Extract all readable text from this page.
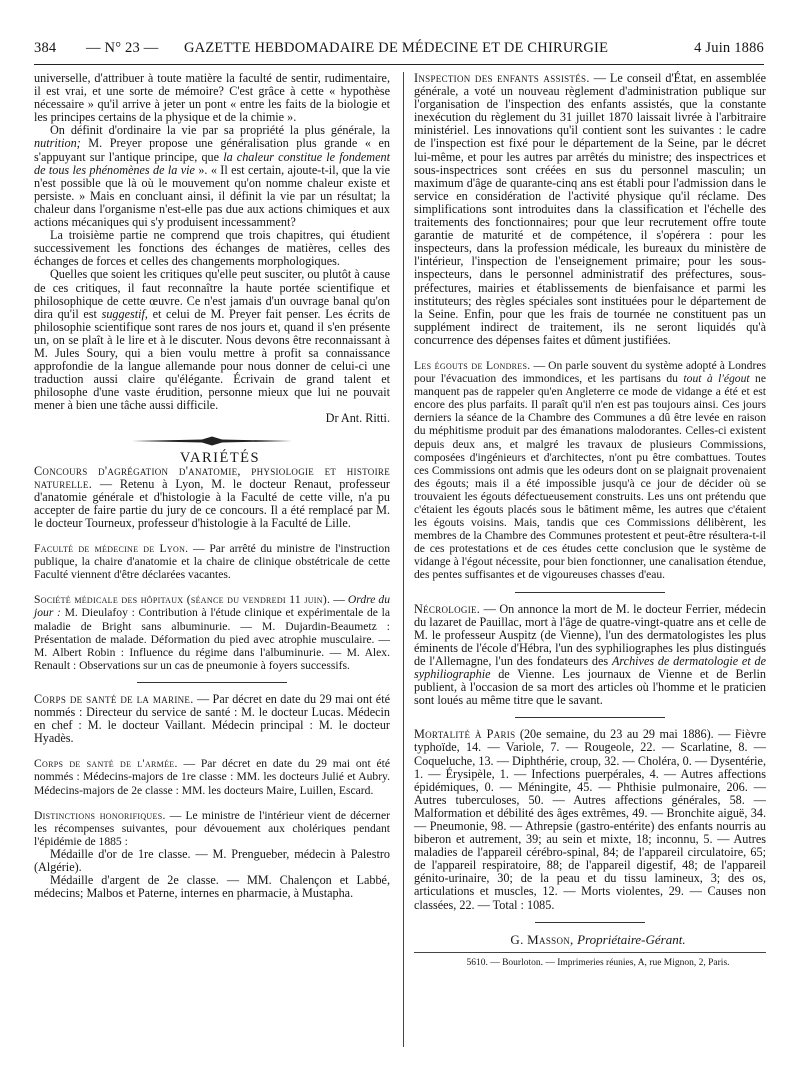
384 — N° 23 — GAZETTE HEBDOMADAIRE DE MÉDECINE ET DE CHIRURGIE	4 Juin 1886

universelle, d'attribuer à toute matière la faculté de sentir, rudimentaire, il est vrai, et une sorte de mémoire? C'est grâce à cette « hypothèse nécessaire » qu'il arrive à jeter un pont « entre les faits de la biologie et les principes certains de la physique et de la chimie ».

On définit d'ordinaire la vie par sa propriété la plus générale, la nutrition; M. Preyer propose une généralisation plus grande « en s'appuyant sur l'antique principe, que la chaleur constitue le fondement de tous les phénomènes de la vie ». « Il est certain, ajoute-t-il, que la vie n'est possible que là où le mouvement qu'on nomme chaleur existe et persiste. » Mais en concluant ainsi, il définit la vie par un résultat; la chaleur dans l'organisme n'est-elle pas due aux actions chimiques et aux actions mécaniques qui s'y produisent incessamment?

La troisième partie ne comprend que trois chapitres, qui étudient successivement les fonctions des échanges de matières, celles des échanges de forces et celles des changements morphologiques.

Quelles que soient les critiques qu'elle peut susciter, ou plutôt à cause de ces critiques, il faut reconnaître la haute portée scientifique et philosophique de cette œuvre. Ce n'est jamais d'un ouvrage banal qu'on dira qu'il est suggestif, et celui de M. Preyer fait penser. Les écrits de philosophie scientifique sont rares de nos jours et, quand il s'en présente un, on se plaît à le lire et à le discuter. Nous devons être reconnaissant à M. Jules Soury, qui a bien voulu mettre à profit sa connaissance approfondie de la langue allemande pour nous donner de celui-ci une traduction aussi claire qu'élégante. Écrivain de grand talent et philosophe d'une vaste érudition, personne mieux que lui ne pouvait mener à bien une tâche aussi difficile.

Dr Ant. Ritti.

VARIÉTÉS

Concours d'agrégation d'anatomie, physiologie et histoire naturelle. — Retenu à Lyon, M. le docteur Renaut, professeur d'anatomie générale et d'histologie à la Faculté de cette ville, n'a pu accepter de faire partie du jury de ce concours. Il a été remplacé par M. le docteur Tourneux, professeur d'histologie à la Faculté de Lille.

Faculté de médecine de Lyon. — Par arrêté du ministre de l'instruction publique, la chaire d'anatomie et la chaire de clinique obstétricale de cette Faculté viennent d'être déclarées vacantes.

Société médicale des hôpitaux (séance du vendredi 11 juin). — Ordre du jour : M. Dieulafoy : Contribution à l'étude clinique et expérimentale de la maladie de Bright sans albuminurie. — M. Dujardin-Beaumetz : Présentation de malade. Déformation du pied avec atrophie musculaire. — M. Albert Robin : Influence du régime dans l'albuminurie. — M. Alex. Renault : Observations sur un cas de pneumonie à foyers successifs.

Corps de santé de la marine. — Par décret en date du 29 mai ont été nommés : Directeur du service de santé : M. le docteur Lucas. Médecin en chef : M. le docteur Vaillant. Médecin principal : M. le docteur Hyadès.

Corps de santé de l'armée. — Par décret en date du 29 mai ont été nommés : Médecins-majors de 1re classe : MM. les docteurs Julié et Aubry. Médecins-majors de 2e classe : MM. les docteurs Maire, Luillen, Escard.

Distinctions honorifiques. — Le ministre de l'intérieur vient de décerner les récompenses suivantes, pour dévouement aux cholériques pendant l'épidémie de 1885 :

Médaille d'or de 1re classe. — M. Prengueber, médecin à Palestro (Algérie).

Médaille d'argent de 2e classe. — MM. Chalençon et Labbé, médecins; Malbos et Paterne, internes en pharmacie, à Mustapha.

Inspection des enfants assistés. — Le conseil d'État, en assemblée générale, a voté un nouveau règlement d'administration publique sur l'organisation de l'inspection des enfants assistés, que la constante inexécution du règlement du 31 juillet 1870 laissait livrée à l'arbitraire ministériel. Les innovations qu'il contient sont les suivantes : le cadre de l'inspection est fixé pour le département de la Seine, par le décret lui-même, et pour les autres par arrêtés du ministre; des inspectrices et sous-inspectrices sont créées en sus du personnel masculin; un maximum d'âge de quarante-cinq ans est établi pour l'admission dans le service en considération de l'activité physique qu'il réclame. Des simplifications sont introduites dans la classification et l'échelle des traitements des fonctionnaires; pour que leur recrutement offre toute garantie de maturité et de compétence, il s'opérera : pour les inspecteurs, dans la profession médicale, les bureaux du ministère de l'intérieur, l'inspection de l'enseignement primaire; pour les sous-inspecteurs, dans le personnel administratif des préfectures, sous-préfectures, mairies et établissements de bienfaisance et parmi les instituteurs; des règles spéciales sont instituées pour le département de la Seine. Enfin, pour que les frais de tournée ne constituent pas un supplément indirect de traitement, ils ne seront liquidés qu'à concurrence des dépenses faites et dûment justifiées.

Les égouts de Londres. — On parle souvent du système adopté à Londres pour l'évacuation des immondices, et les partisans du tout à l'égout ne manquent pas de rappeler qu'en Angleterre ce mode de vidange a été et est encore des plus parfaits. Il paraît qu'il n'en est pas toujours ainsi. Ces jours derniers la séance de la Chambre des Communes a dû être levée en raison du méphitisme produit par des émanations malodorantes. Celles-ci existent depuis deux ans, et malgré les travaux de plusieurs Commissions, composées d'ingénieurs et d'architectes, n'ont pu être combattues. Toutes ces Commissions ont admis que les odeurs dont on se plaignait provenaient des égouts; mais il a été impossible jusqu'à ce jour de décider où se trouvaient les égouts défectueusement construits. Les uns ont prétendu que c'étaient les égouts placés sous le bâtiment même, les autres que c'étaient les égouts voisins. Mais, tandis que ces Commissions délibèrent, les membres de la Chambre des Communes protestent et peut-être résultera-t-il de ces protestations et de ces études cette conclusion que le système de vidange à l'égout nécessite, pour bien fonctionner, une canalisation étendue, des pentes suffisantes et de vigoureuses chasses d'eau.

Nécrologie. — On annonce la mort de M. le docteur Ferrier, médecin du lazaret de Pauillac, mort à l'âge de quatre-vingt-quatre ans et celle de M. le professeur Auspitz (de Vienne), l'un des dermatologistes les plus éminents de l'école d'Hébra, l'un des syphiliographes les plus distingués de l'Allemagne, l'un des fondateurs des Archives de dermatologie et de syphiliographie de Vienne. Les journaux de Vienne et de Berlin publient, à l'occasion de sa mort des articles où l'homme et le praticien sont loués au même titre que le savant.

Mortalité à Paris (20e semaine, du 23 au 29 mai 1886). — Fièvre typhoïde, 14. — Variole, 7. — Rougeole, 22. — Scarlatine, 8. — Coqueluche, 13. — Diphthérie, croup, 32. — Choléra, 0. — Dysentérie, 1. — Érysipèle, 1. — Infections puerpérales, 4. — Autres affections épidémiques, 0. — Méningite, 45. — Phthisie pulmonaire, 206. — Autres tuberculoses, 50. — Autres affections générales, 58. — Malformation et débilité des âges extrêmes, 49. — Bronchite aiguë, 34. — Pneumonie, 98. — Athrepsie (gastro-entérite) des enfants nourris au biberon et autrement, 39; au sein et mixte, 18; inconnu, 5. — Autres maladies de l'appareil cérébro-spinal, 84; de l'appareil circulatoire, 65; de l'appareil respiratoire, 88; de l'appareil digestif, 48; de l'appareil génito-urinaire, 30; de la peau et du tissu lamineux, 3; des os, articulations et muscles, 12. — Morts violentes, 29. — Causes non classées, 22. — Total : 1085.

G. Masson, Propriétaire-Gérant.

5610. — Bourloton. — Imprimeries réunies, A, rue Mignon, 2, Paris.
